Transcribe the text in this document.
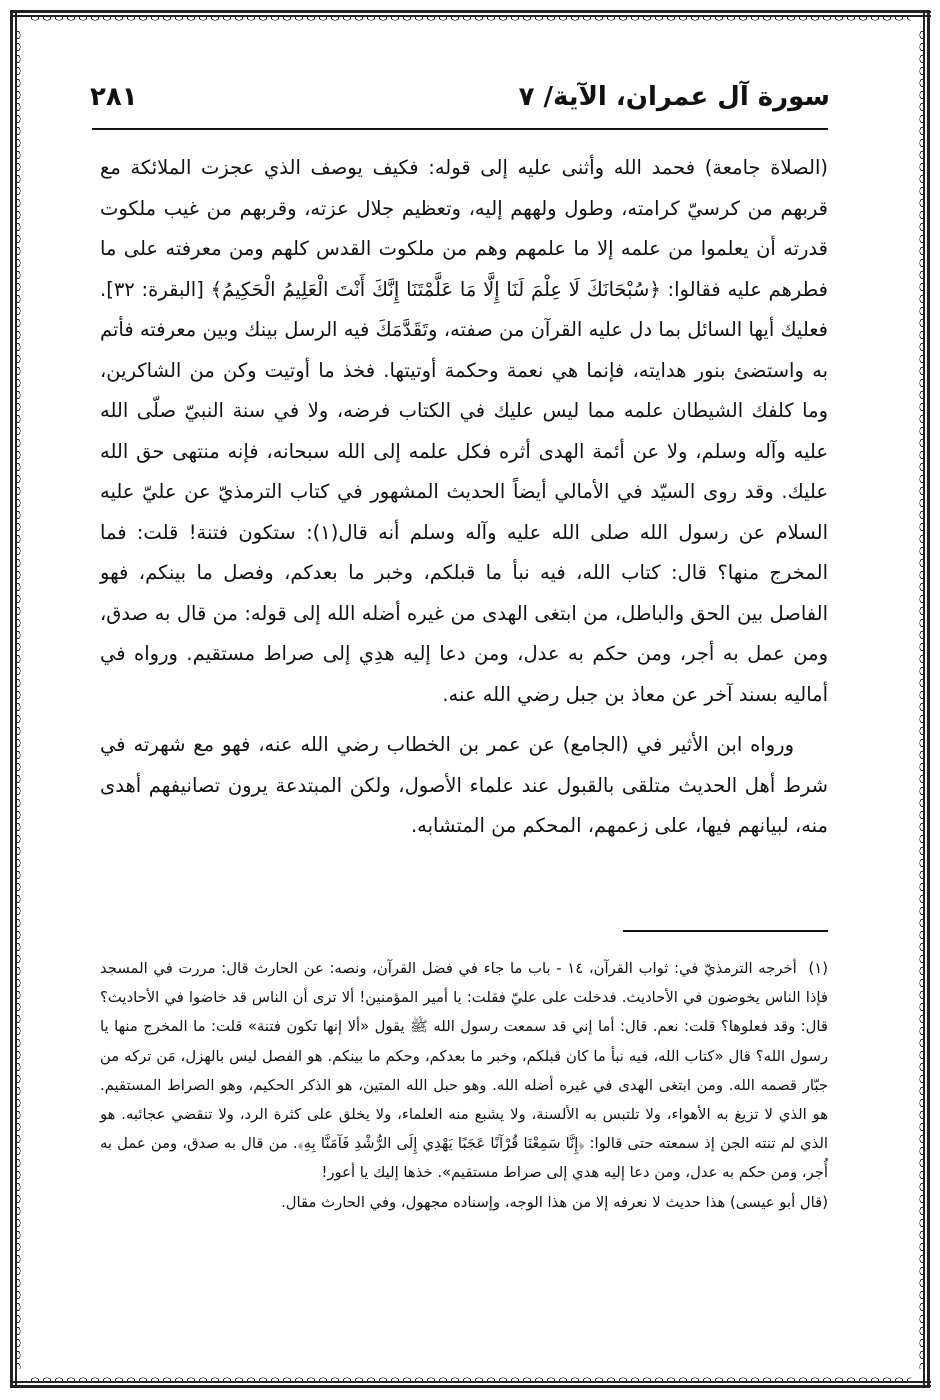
٢٨١	سورة آل عمران، الآية/ ٧

(الصلاة جامعة) فحمد الله وأثنى عليه إلى قوله: فكيف يوصف الذي عجزت الملائكة مع قربهم من كرسيّ كرامته، وطول ولههم إليه، وتعظيم جلال عزته، وقربهم من غيب ملكوت قدرته أن يعلموا من علمه إلا ما علمهم وهم من ملكوت القدس كلهم ومن معرفته على ما فطرهم عليه فقالوا: ﴿سُبْحَانَكَ لَا عِلْمَ لَنَا إِلَّا مَا عَلَّمْتَنَا إِنَّكَ أَنْتَ الْعَلِيمُ الْحَكِيمُ﴾ [البقرة: ٣٢]. فعليك أيها السائل بما دل عليه القرآن من صفته، وتَقَدَّمَكَ فيه الرسل بينك وبين معرفته فأتم به واستضئ بنور هدايته، فإنما هي نعمة وحكمة أوتيتها. فخذ ما أوتيت وكن من الشاكرين، وما كلفك الشيطان علمه مما ليس عليك في الكتاب فرضه، ولا في سنة النبيّ صلّى الله عليه وآله وسلم، ولا عن أئمة الهدى أثره فكل علمه إلى الله سبحانه، فإنه منتهى حق الله عليك. وقد روى السيّد في الأمالي أيضاً الحديث المشهور في كتاب الترمذيّ عن عليّ عليه السلام عن رسول الله صلى الله عليه وآله وسلم أنه قال(١): ستكون فتنة! قلت: فما المخرج منها؟ قال: كتاب الله، فيه نبأ ما قبلكم، وخبر ما بعدكم، وفصل ما بينكم، فهو الفاصل بين الحق والباطل، من ابتغى الهدى من غيره أضله الله إلى قوله: من قال به صدق، ومن عمل به أجر، ومن حكم به عدل، ومن دعا إليه هدِي إلى صراط مستقيم. ورواه في أماليه بسند آخر عن معاذ بن جبل رضي الله عنه.

ورواه ابن الأثير في (الجامع) عن عمر بن الخطاب رضي الله عنه، فهو مع شهرته في شرط أهل الحديث متلقى بالقبول عند علماء الأصول، ولكن المبتدعة يرون تصانيفهم أهدى منه، لبيانهم فيها، على زعمهم، المحكم من المتشابه.

(١) أخرجه الترمذيّ في: ثواب القرآن، ١٤ - باب ما جاء في فضل القرآن، ونصه: عن الحارث قال: مررت في المسجد فإذا الناس يخوضون في الأحاديث. فدخلت على عليّ فقلت: يا أمير المؤمنين! ألا ترى أن الناس قد خاضوا في الأحاديث؟ قال: وقد فعلوها؟ قلت: نعم. قال: أما إني قد سمعت رسول الله ﷺ يقول «ألا إنها تكون فتنة» قلت: ما المخرج منها يا رسول الله؟ قال «كتاب الله، فيه نبأ ما كان قبلكم، وخبر ما بعدكم، وحكم ما بينكم. هو الفصل ليس بالهزل، مَن تركه من جبّار قصمه الله. ومن ابتغى الهدى في غيره أضله الله. وهو حبل الله المتين، هو الذكر الحكيم، وهو الصراط المستقيم. هو الذي لا تزيغ به الأهواء، ولا تلتبس به الألسنة، ولا يشبع منه العلماء، ولا يخلق على كثرة الرد، ولا تنقضي عجائبه. هو الذي لم تنته الجن إذ سمعته حتى قالوا: ﴿إِنَّا سَمِعْنَا قُرْآنًا عَجَبًا يَهْدِي إِلَى الرُّشْدِ فَآمَنَّا بِهِ﴾. من قال به صدق، ومن عمل به أُجر، ومن حكم به عدل، ومن دعا إليه هدي إلى صراط مستقيم». خذها إليك يا أعور!

(قال أبو عيسى) هذا حديث لا نعرفه إلا من هذا الوجه، وإسناده مجهول، وفي الحارث مقال.
